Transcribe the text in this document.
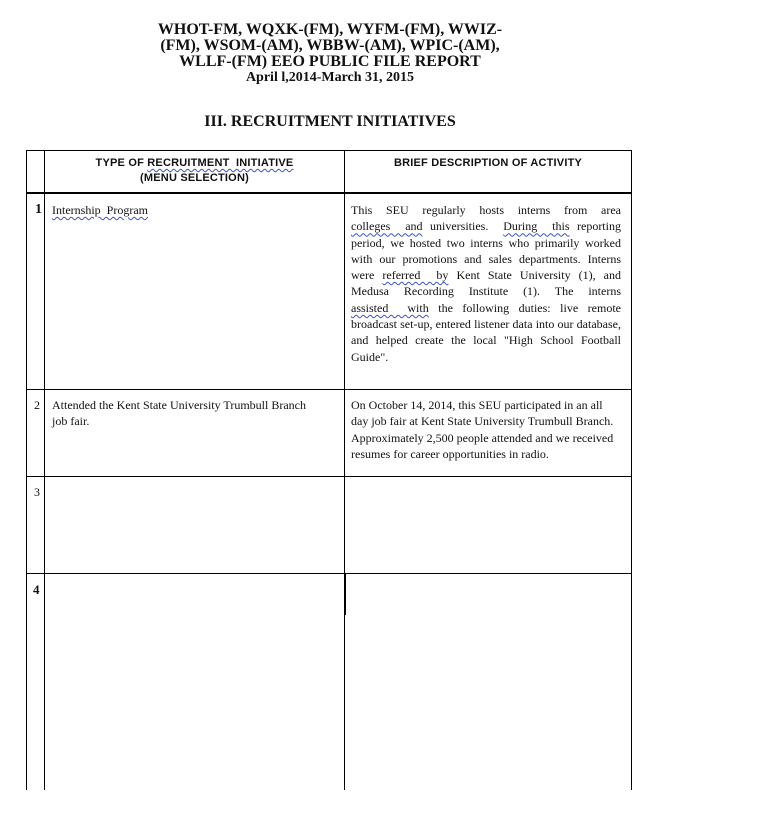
WHOT-FM, WQXK-(FM), WYFM-(FM), WWIZ-
(FM), WSOM-(AM), WBBW-(AM), WPIC-(AM),
WLLF-(FM) EEO PUBLIC FILE REPORT
April l,2014-March 31, 2015
III. RECRUITMENT INITIATIVES
TYPE OF RECRUITMENT  INITIATIVE
(MENU SELECTION)
BRIEF DESCRIPTION OF ACTIVITY
1 Internship  Program	This SEU regularly hosts interns from area colleges  and universities.  During  this reporting period, we hosted two interns who primarily worked with our promotions and sales departments. Interns were referred  by Kent State University (1), and Medusa Recording Institute (1). The interns assisted  with the following duties: live remote broadcast set-up, entered listener data into our database, and helped create the local "High School Football Guide".
2 Attended the Kent State University Trumbull Branch job fair.
On October 14, 2014, this SEU participated in an all day job fair at Kent State University Trumbull Branch. Approximately 2,500 people attended and we received resumes for career opportunities in radio.
3
4
